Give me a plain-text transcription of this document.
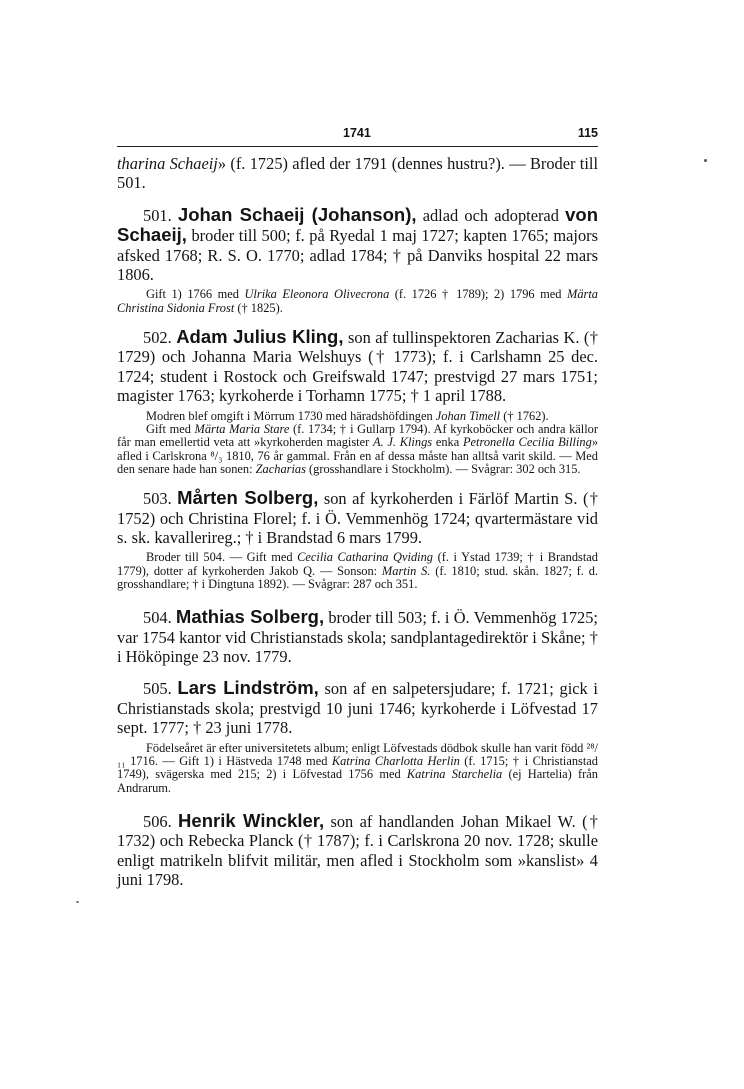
1741	115

tharina Schaeij» (f. 1725) afled der 1791 (dennes hustru?). — Broder till 501.

501. Johan Schaeij (Johanson), adlad och adopterad von Schaeij, broder till 500; f. på Ryedal 1 maj 1727; kapten 1765; majors afsked 1768; R. S. O. 1770; adlad 1784; † på Danviks hospital 22 mars 1806.

Gift 1) 1766 med Ulrika Eleonora Olivecrona (f. 1726 † 1789); 2) 1796 med Märta Christina Sidonia Frost († 1825).

502. Adam Julius Kling, son af tullinspektoren Zacharias K. († 1729) och Johanna Maria Welshuys († 1773); f. i Carlshamn 25 dec. 1724; student i Rostock och Greifswald 1747; prestvigd 27 mars 1751; magister 1763; kyrkoherde i Torhamn 1775; † 1 april 1788.

Modren blef omgift i Mörrum 1730 med häradshöfdingen Johan Timell († 1762).

Gift med Märta Maria Stare (f. 1734; † i Gullarp 1794). Af kyrkoböcker och andra källor får man emellertid veta att »kyrkoherden magister A. J. Klings enka Petronella Cecilia Billing» afled i Carlskrona ⁸/₃ 1810, 76 år gammal. Från en af dessa måste han alltså varit skild. — Med den senare hade han sonen: Zacharias (grosshandlare i Stockholm). — Svågrar: 302 och 315.

503. Mårten Solberg, son af kyrkoherden i Färlöf Martin S. († 1752) och Christina Florel; f. i Ö. Vemmenhög 1724; qvartermästare vid s. sk. kavallerireg.; † i Brandstad 6 mars 1799.

Broder till 504. — Gift med Cecilia Catharina Qviding (f. i Ystad 1739; † i Brandstad 1779), dotter af kyrkoherden Jakob Q. — Sonson: Martin S. (f. 1810; stud. skån. 1827; f. d. grosshandlare; † i Dingtuna 1892). — Svågrar: 287 och 351.

504. Mathias Solberg, broder till 503; f. i Ö. Vemmenhög 1725; var 1754 kantor vid Christianstads skola; sandplantagedirektör i Skåne; † i Hököpinge 23 nov. 1779.

505. Lars Lindström, son af en salpetersjudare; f. 1721; gick i Christianstads skola; prestvigd 10 juni 1746; kyrkoherde i Löfvestad 17 sept. 1777; † 23 juni 1778.

Födelseåret är efter universitetets album; enligt Löfvestads dödbok skulle han varit född ²⁸/₁₁ 1716. — Gift 1) i Hästveda 1748 med Katrina Charlotta Herlin (f. 1715; † i Christianstad 1749), svägerska med 215; 2) i Löfvestad 1756 med Katrina Starchelia (ej Hartelia) från Andrarum.

506. Henrik Winckler, son af handlanden Johan Mikael W. († 1732) och Rebecka Planck († 1787); f. i Carlskrona 20 nov. 1728; skulle enligt matrikeln blifvit militär, men afled i Stockholm som »kanslist» 4 juni 1798.
